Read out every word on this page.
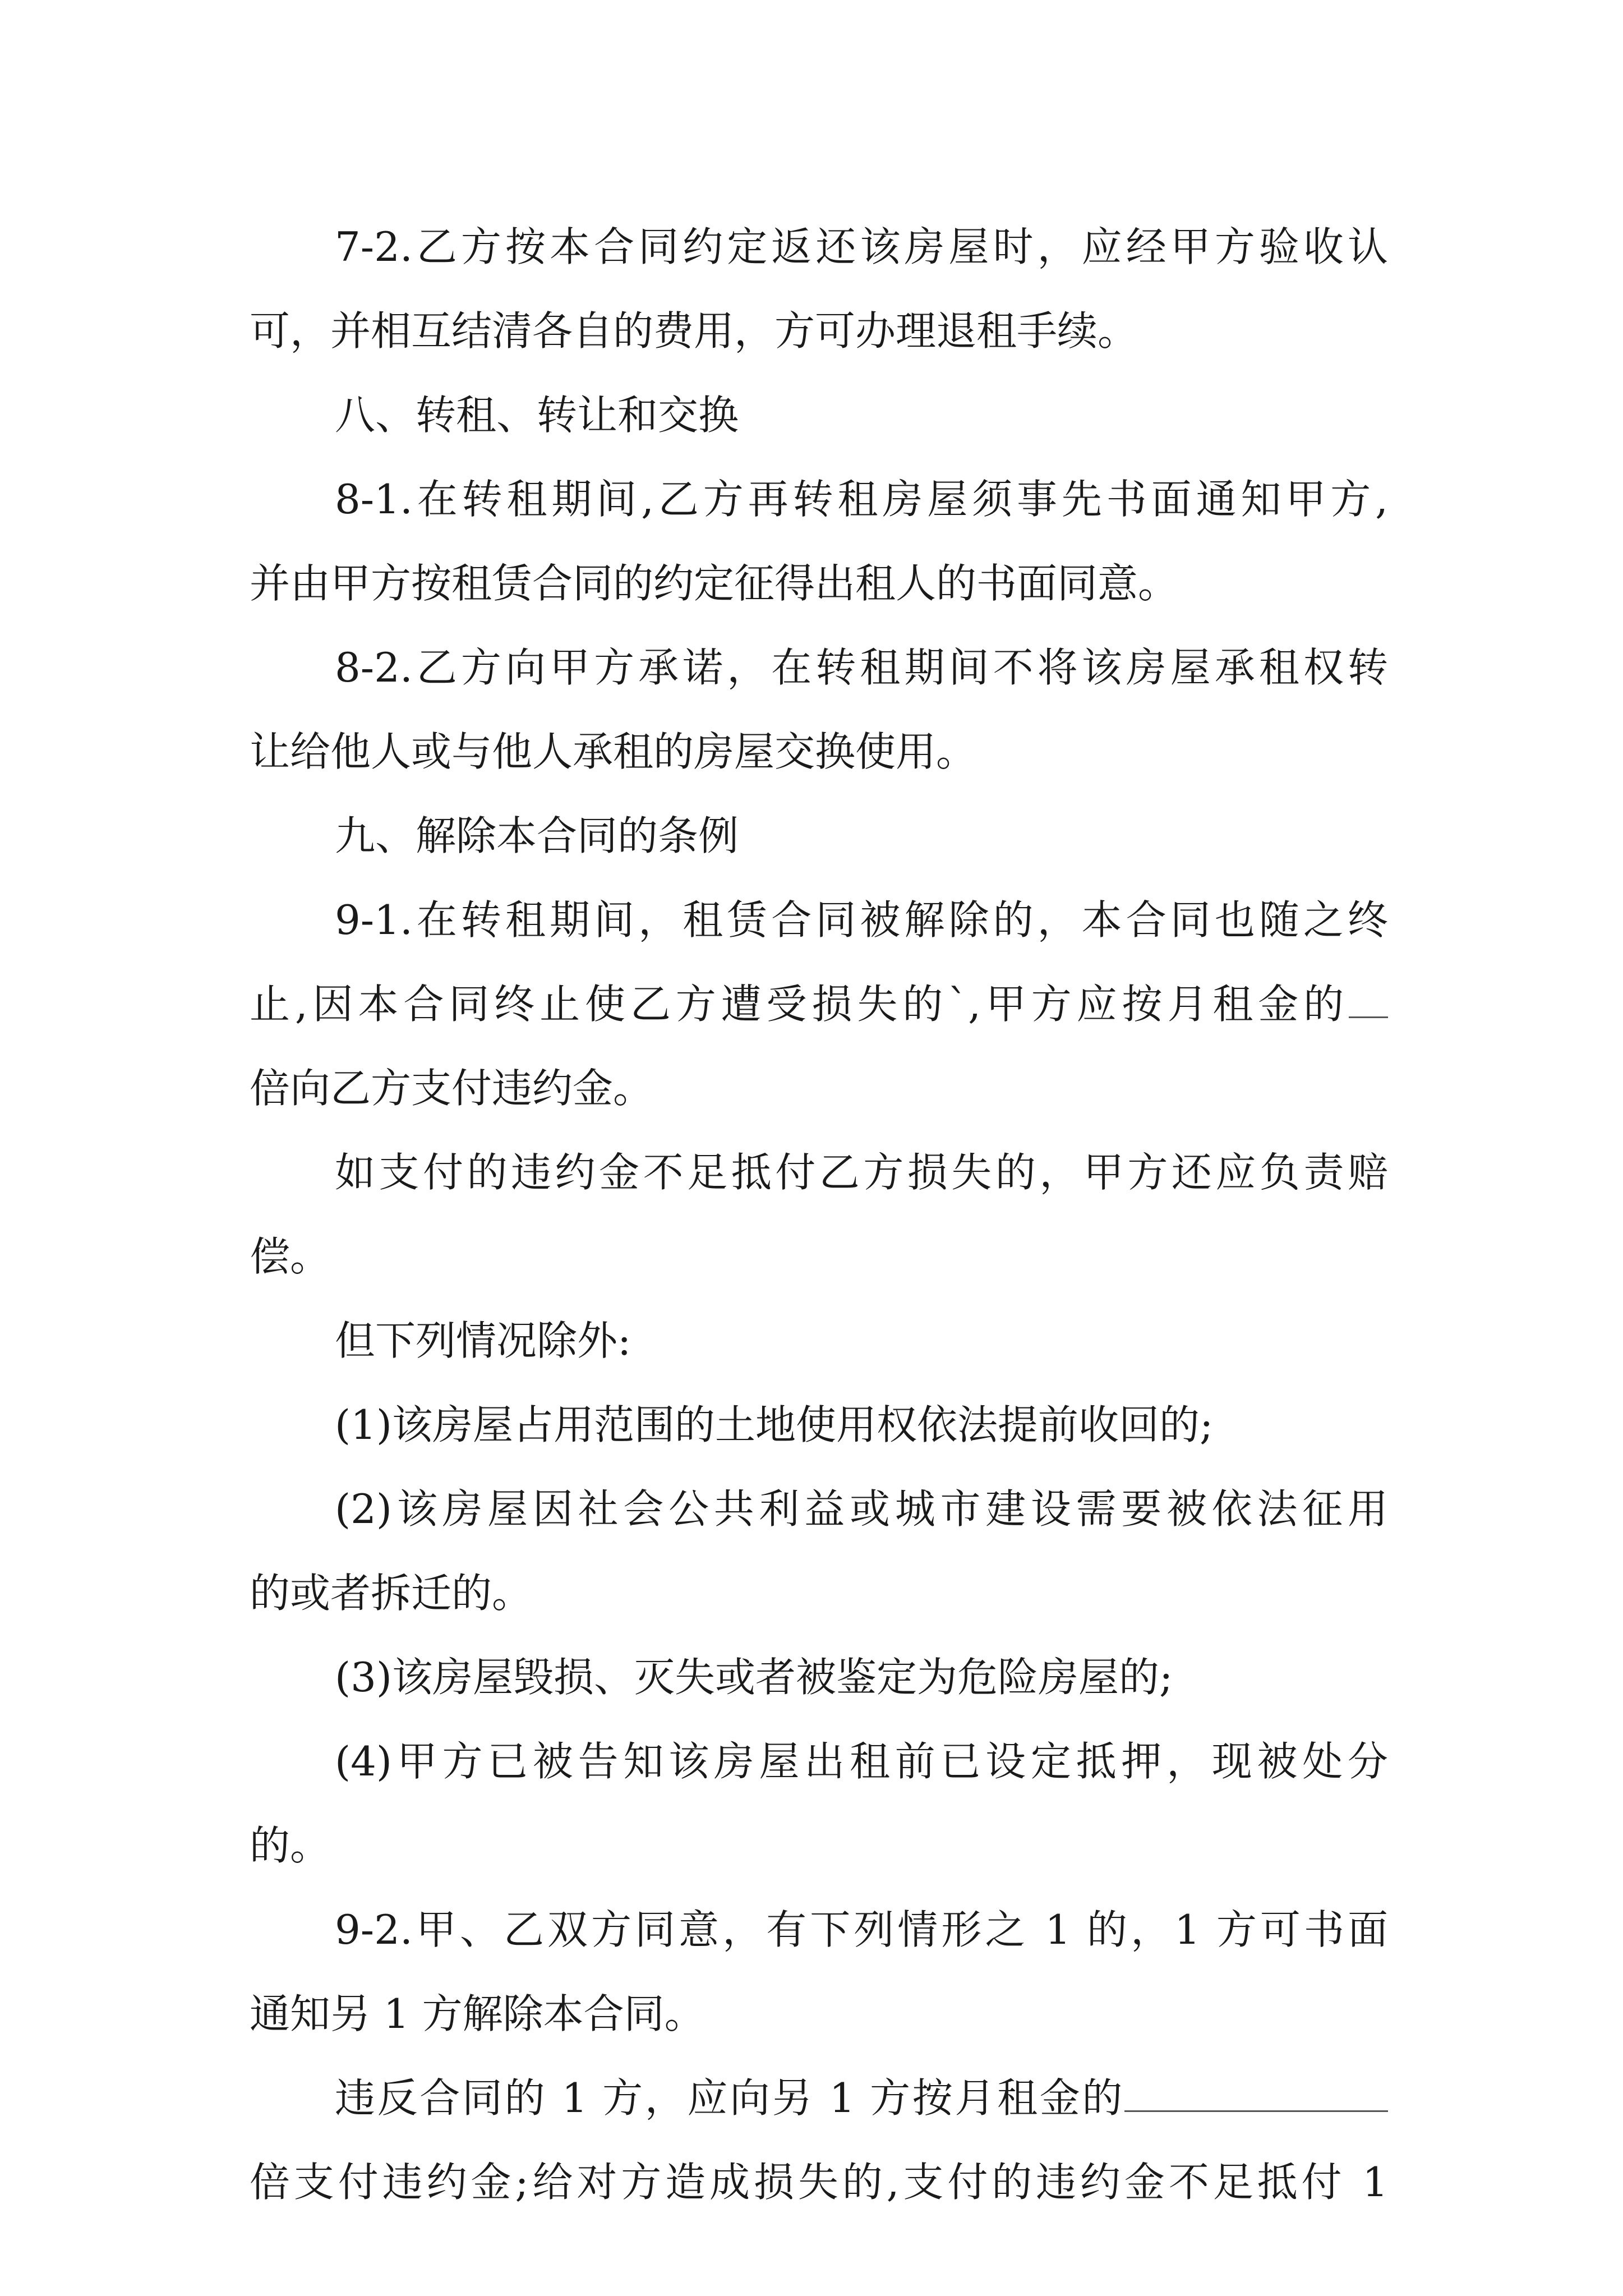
7-2.乙方按本合同约定返还该房屋时，应经甲方验收认
可，并相互结清各自的费用，方可办理退租手续。
八、转租、转让和交换
8-1.在转租期间,乙方再转租房屋须事先书面通知甲方,
并由甲方按租赁合同的约定征得出租人的书面同意。
8-2.乙方向甲方承诺，在转租期间不将该房屋承租权转
让给他人或与他人承租的房屋交换使用。
九、解除本合同的条例
9-1.在转租期间，租赁合同被解除的，本合同也随之终
止,因本合同终止使乙方遭受损失的`,甲方应按月租金的
倍向乙方支付违约金。
如支付的违约金不足抵付乙方损失的，甲方还应负责赔
偿。
但下列情况除外:
(1)该房屋占用范围的土地使用权依法提前收回的;
(2)该房屋因社会公共利益或城市建设需要被依法征用
的或者拆迁的。
(3)该房屋毁损、灭失或者被鉴定为危险房屋的;
(4)甲方已被告知该房屋出租前已设定抵押，现被处分
的。
9-2.甲、乙双方同意，有下列情形之 1 的，1 方可书面
通知另 1 方解除本合同。
违反合同的 1 方，应向另 1 方按月租金的
倍支付违约金;给对方造成损失的,支付的违约金不足抵付 1
